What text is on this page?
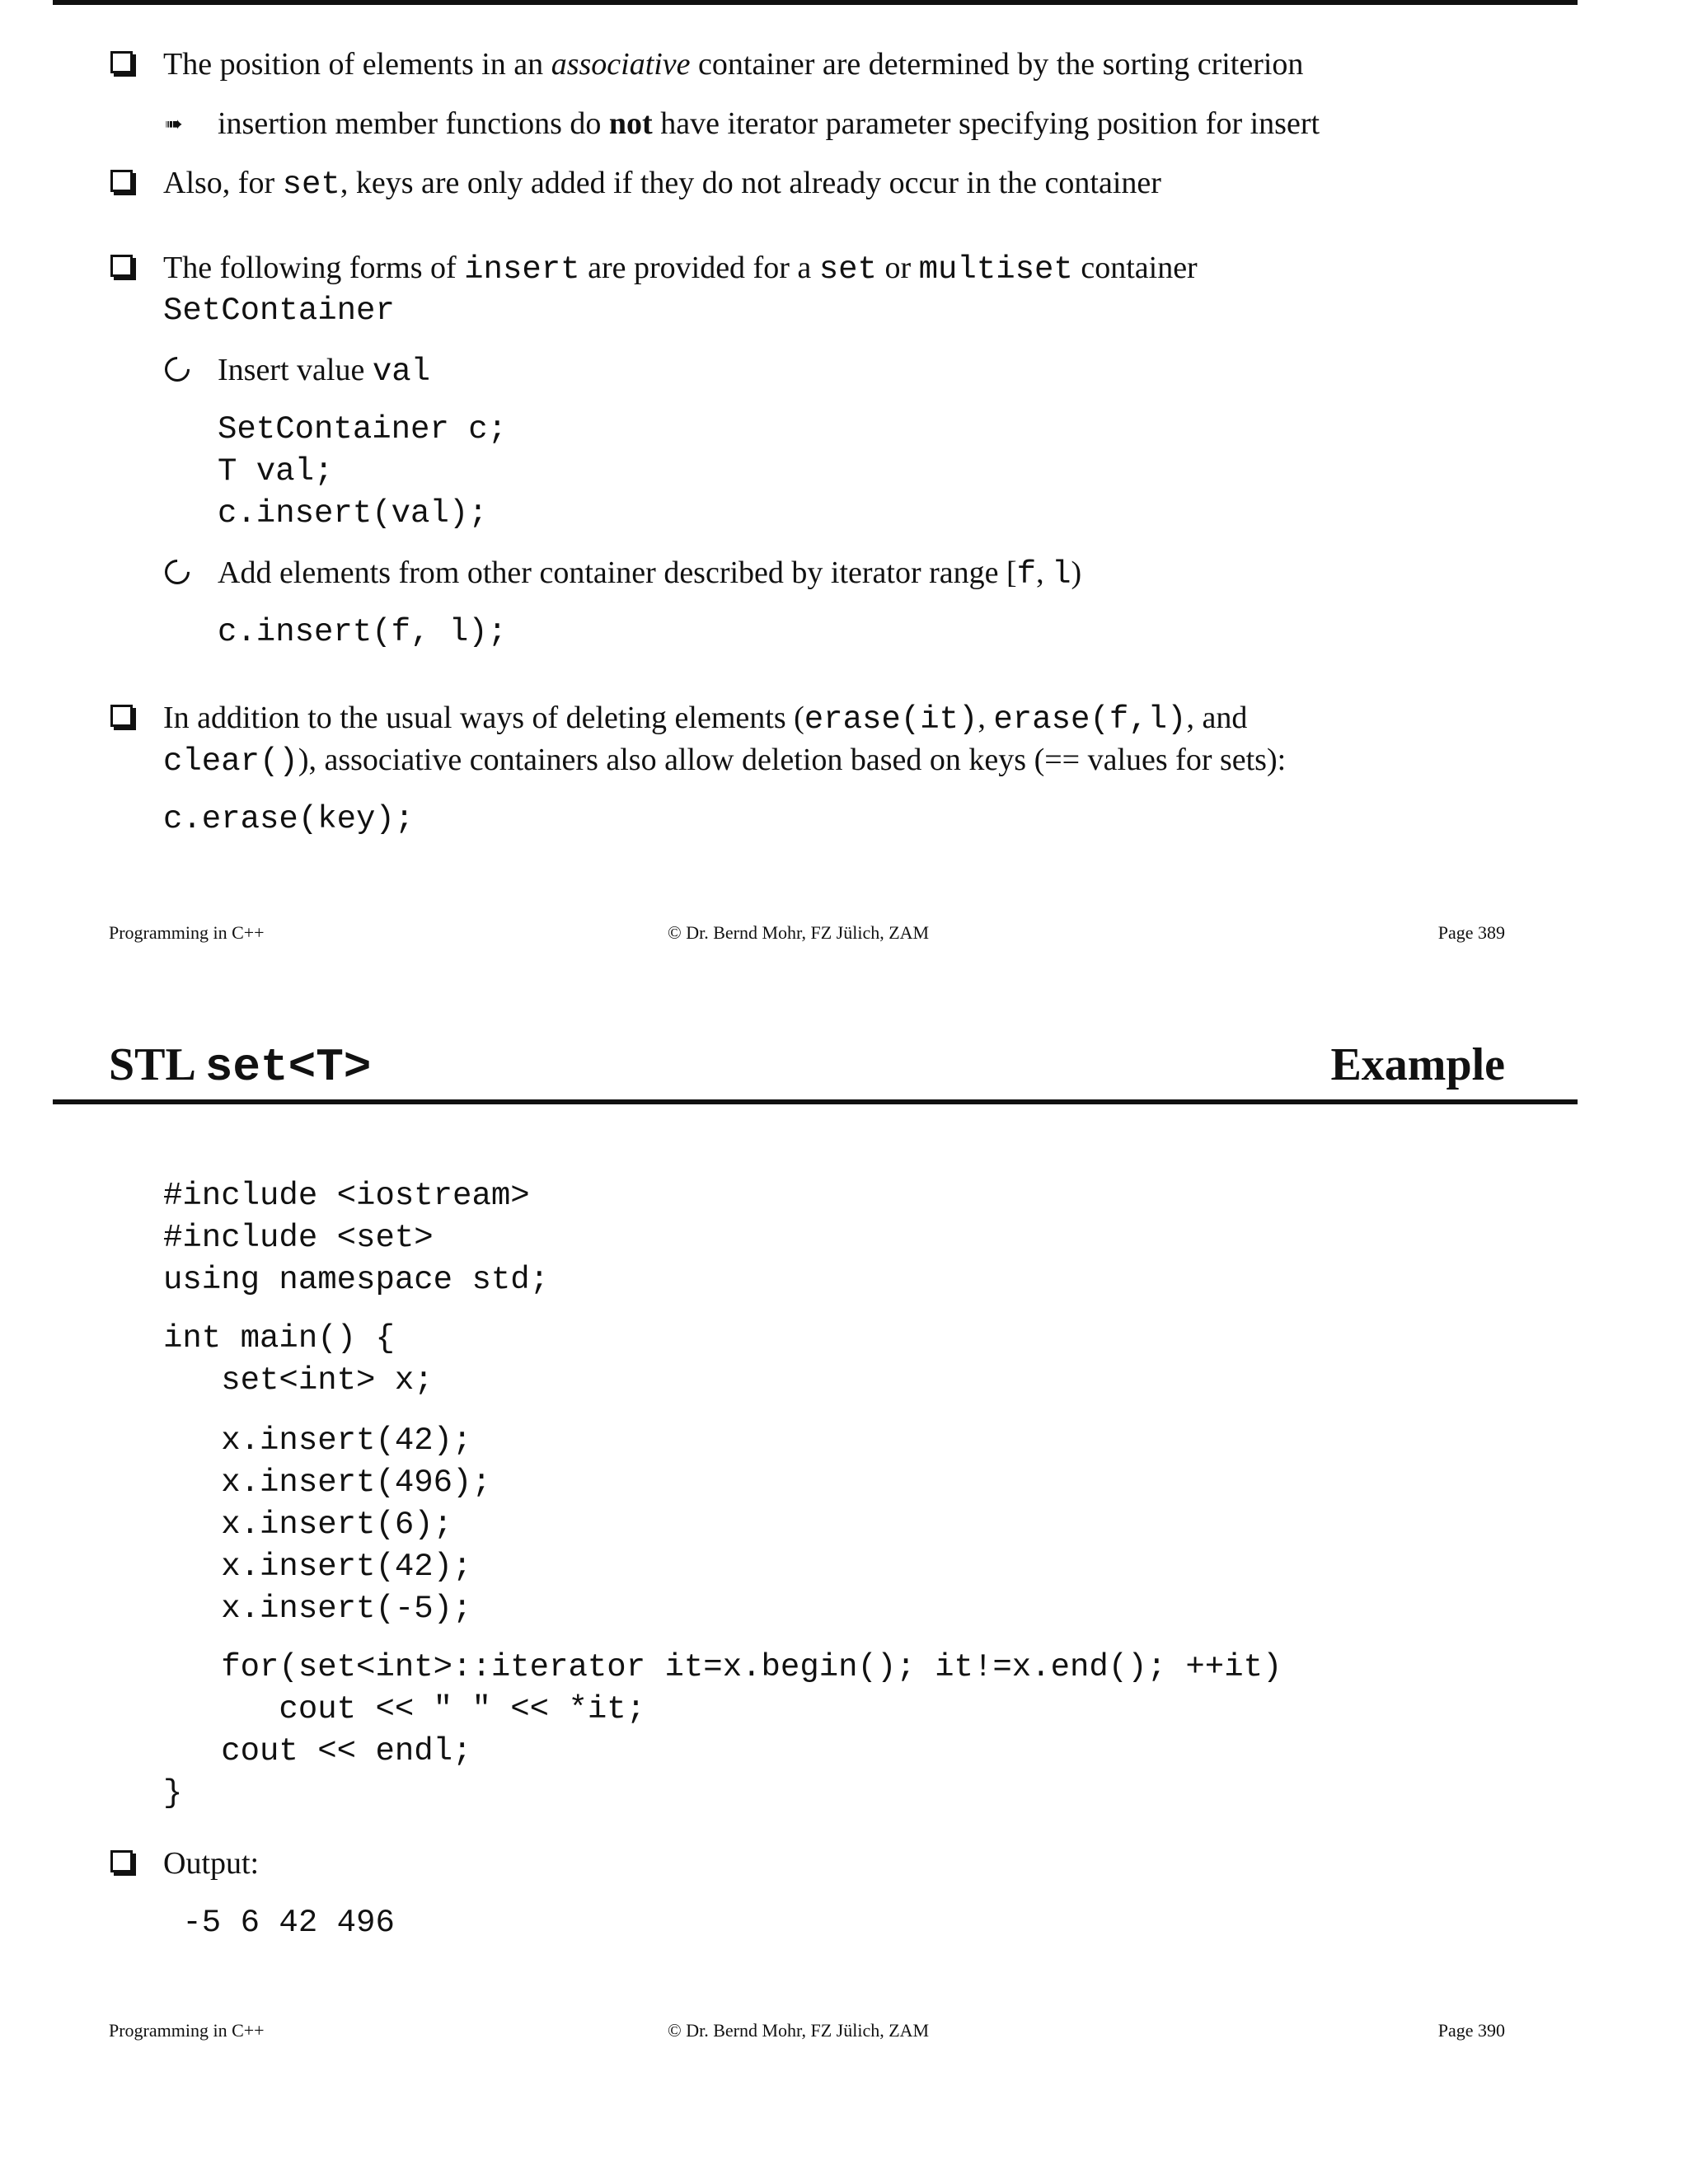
The position of elements in an associative container are determined by the sorting criterion
➠ insertion member functions do not have iterator parameter specifying position for insert
Also, for set, keys are only added if they do not already occur in the container
The following forms of insert are provided for a set or multiset container
SetContainer
Insert value val
SetContainer c;
T val;
c.insert(val);
Add elements from other container described by iterator range [f, l)
c.insert(f, l);
In addition to the usual ways of deleting elements (erase(it), erase(f,l), and
clear()), associative containers also allow deletion based on keys (== values for sets):
c.erase(key);
Programming in C++	© Dr. Bernd Mohr, FZ Jülich, ZAM	Page 389
STL set<T>	Example
#include <iostream>
#include <set>
using namespace std;
int main() {
set<int> x;
x.insert(42);
x.insert(496);
x.insert(6);
x.insert(42);
x.insert(-5);
for(set<int>::iterator it=x.begin(); it!=x.end(); ++it)
cout << " " << *it;
cout << endl;
}
Output:
-5 6 42 496
Programming in C++	© Dr. Bernd Mohr, FZ Jülich, ZAM	Page 390
